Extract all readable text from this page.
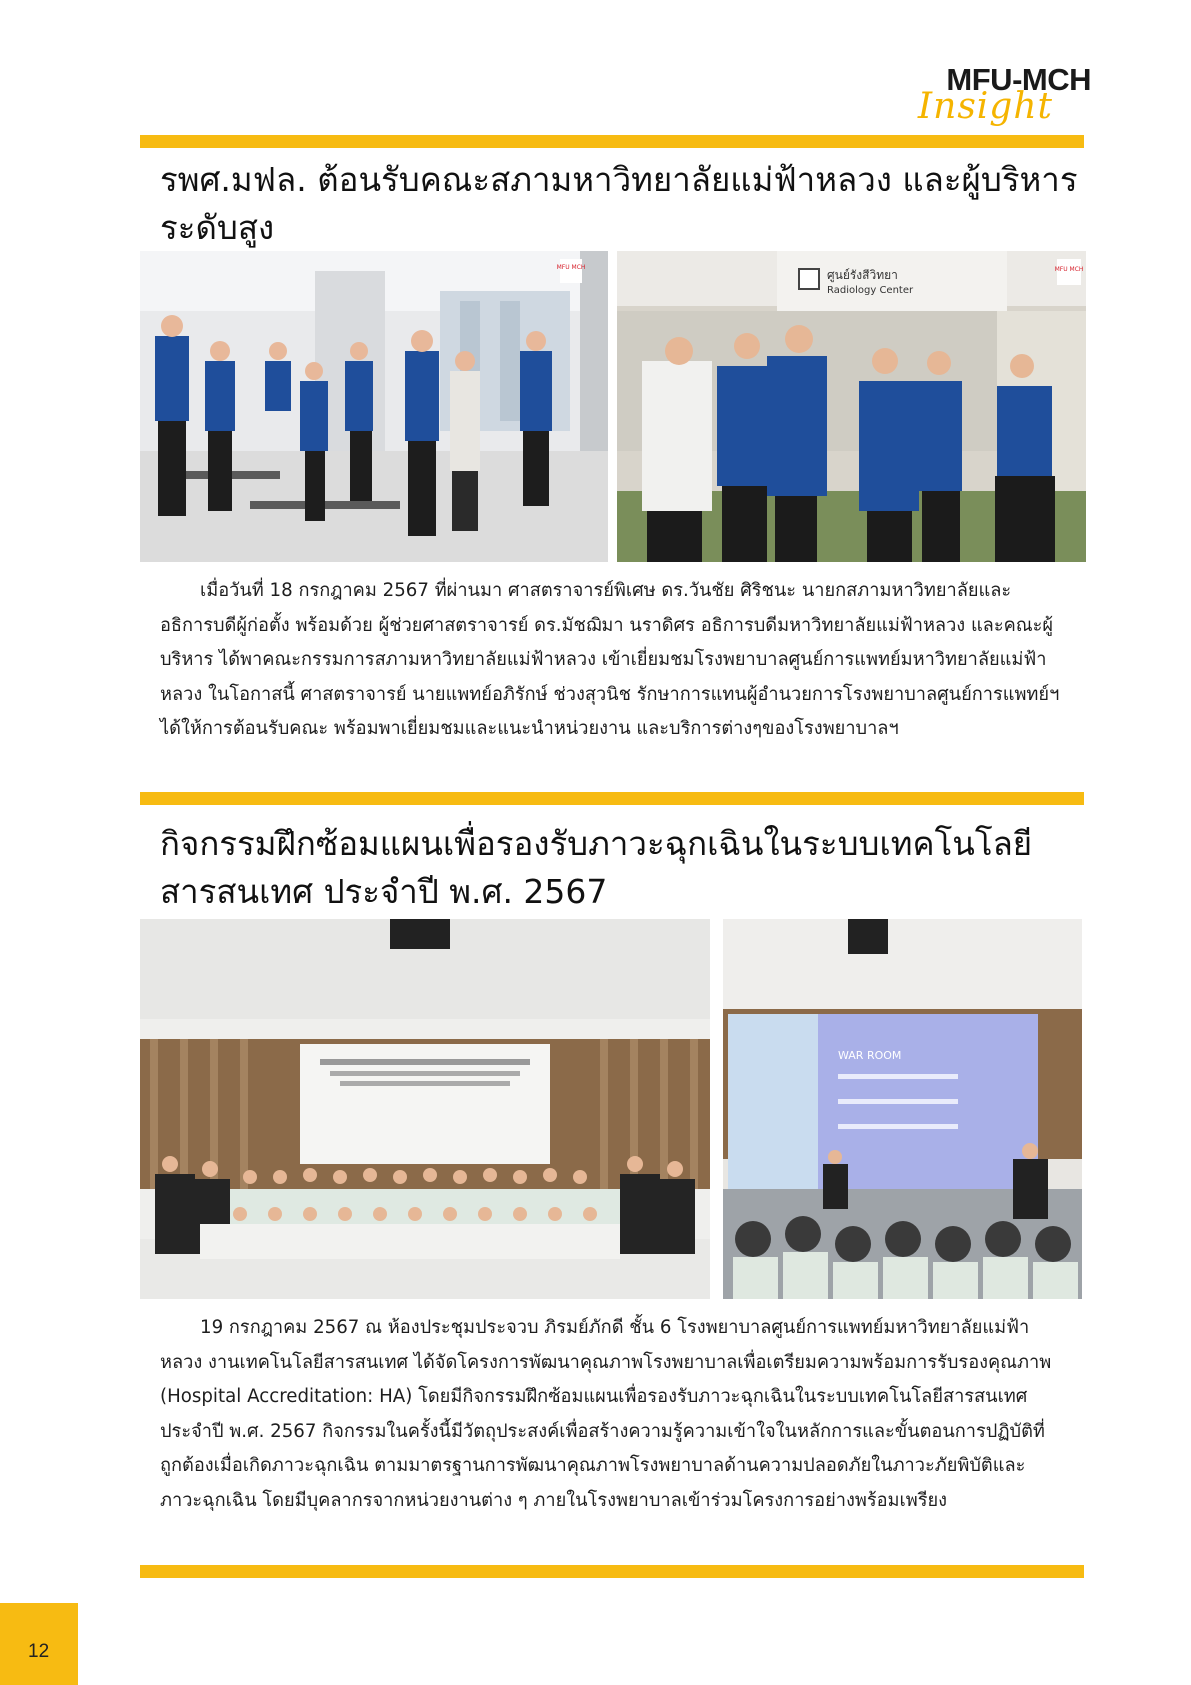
MFU-MCH
Insight
รพศ.มฟล. ต้อนรับคณะสภามหาวิทยาลัยแม่ฟ้าหลวง และผู้บริหาร
ระดับสูง
MFU MCH
ศูนย์รังสีวิทยา
Radiology Center
MFU MCH

เมื่อวันที่ 18 กรกฎาคม 2567 ที่ผ่านมา ศาสตราจารย์พิเศษ ดร.วันชัย ศิริชนะ นายกสภามหาวิทยาลัยและอธิการบดีผู้ก่อตั้ง พร้อมด้วย ผู้ช่วยศาสตราจารย์ ดร.มัชฌิมา นราดิศร อธิการบดีมหาวิทยาลัยแม่ฟ้าหลวง และคณะผู้บริหาร ได้พาคณะกรรมการสภามหาวิทยาลัยแม่ฟ้าหลวง เข้าเยี่ยมชมโรงพยาบาลศูนย์การแพทย์มหาวิทยาลัยแม่ฟ้าหลวง ในโอกาสนี้ ศาสตราจารย์ นายแพทย์อภิรักษ์ ช่วงสุวนิช รักษาการแทนผู้อำนวยการโรงพยาบาลศูนย์การแพทย์ฯ ได้ให้การต้อนรับคณะ พร้อมพาเยี่ยมชมและแนะนำหน่วยงาน และบริการต่างๆของโรงพยาบาลฯ

กิจกรรมฝึกซ้อมแผนเพื่อรองรับภาวะฉุกเฉินในระบบเทคโนโลยี
สารสนเทศ ประจำปี พ.ศ. 2567
WAR ROOM

19 กรกฎาคม 2567 ณ ห้องประชุมประจวบ ภิรมย์ภักดี ชั้น 6 โรงพยาบาลศูนย์การแพทย์มหาวิทยาลัยแม่ฟ้าหลวง งานเทคโนโลยีสารสนเทศ ได้จัดโครงการพัฒนาคุณภาพโรงพยาบาลเพื่อเตรียมความพร้อมการรับรองคุณภาพ (Hospital Accreditation: HA) โดยมีกิจกรรมฝึกซ้อมแผนเพื่อรองรับภาวะฉุกเฉินในระบบเทคโนโลยีสารสนเทศ ประจำปี พ.ศ. 2567 กิจกรรมในครั้งนี้มีวัตถุประสงค์เพื่อสร้างความรู้ความเข้าใจในหลักการและขั้นตอนการปฏิบัติที่ถูกต้องเมื่อเกิดภาวะฉุกเฉิน ตามมาตรฐานการพัฒนาคุณภาพโรงพยาบาลด้านความปลอดภัยในภาวะภัยพิบัติและภาวะฉุกเฉิน โดยมีบุคลากรจากหน่วยงานต่าง ๆ ภายในโรงพยาบาลเข้าร่วมโครงการอย่างพร้อมเพรียง

12
